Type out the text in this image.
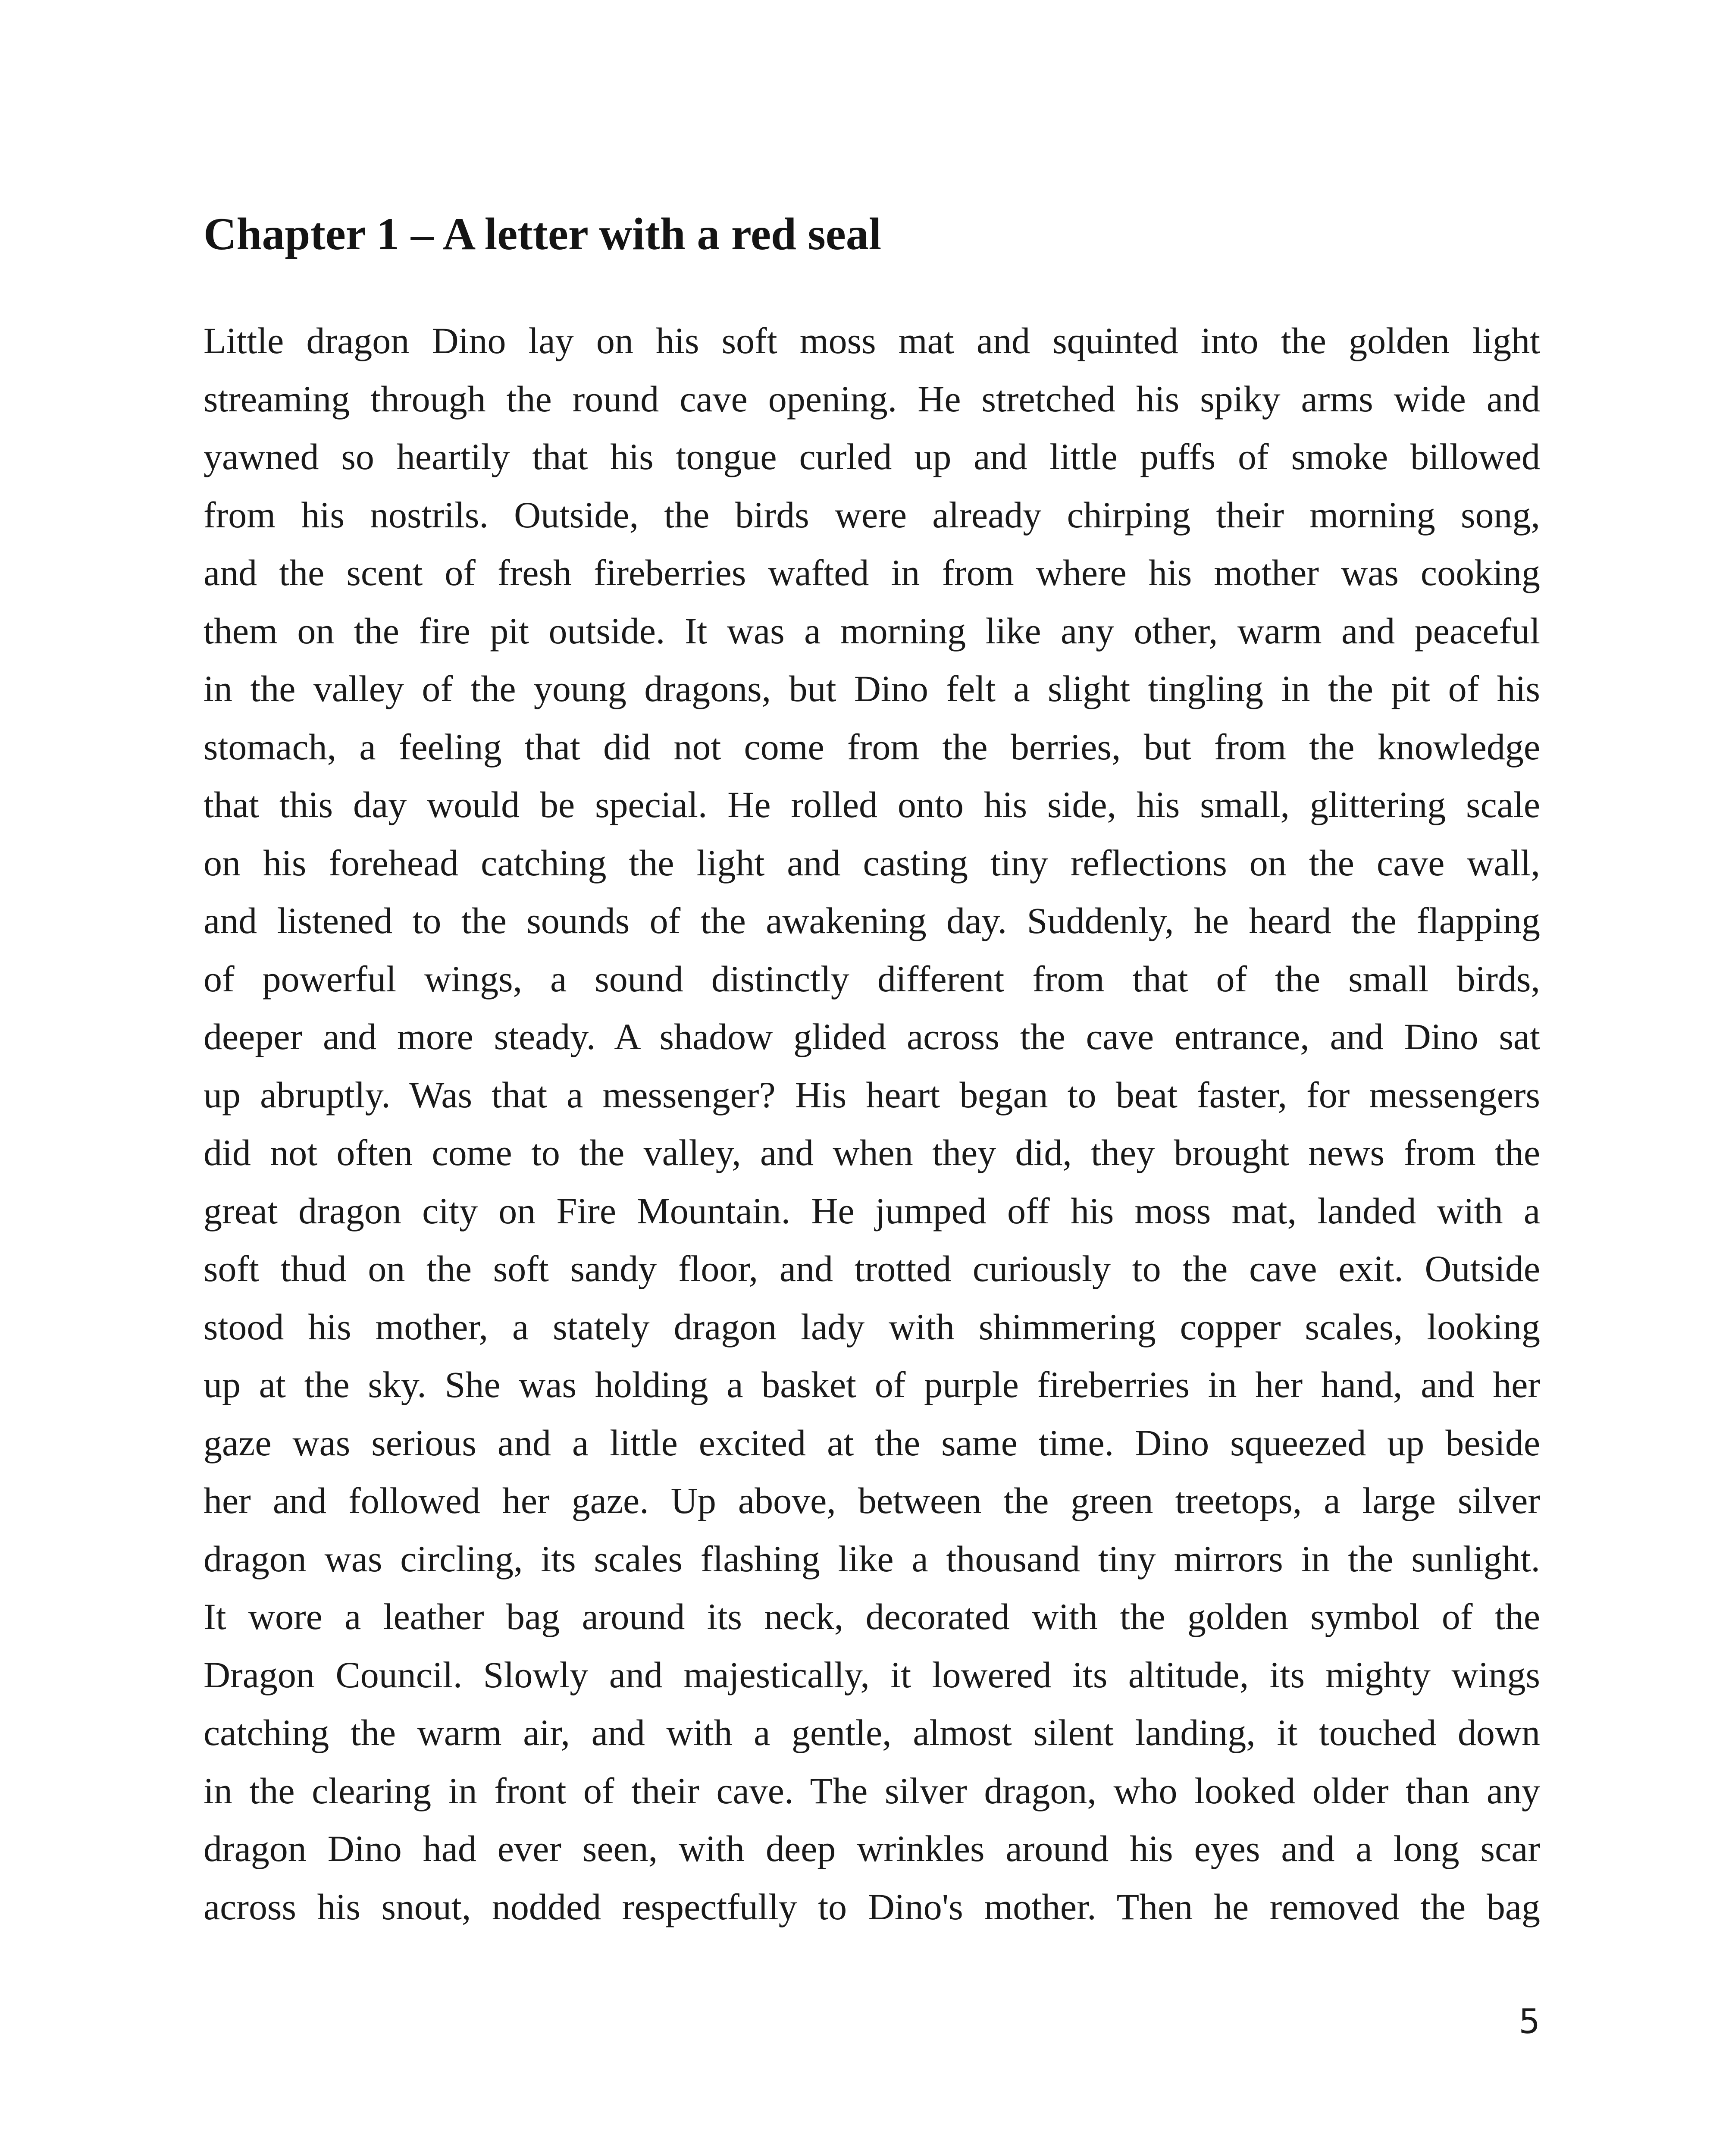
Chapter 1 – A letter with a red seal
Little dragon Dino lay on his soft moss mat and squinted into the golden light
streaming through the round cave opening. He stretched his spiky arms wide and
yawned so heartily that his tongue curled up and little puffs of smoke billowed
from his nostrils. Outside, the birds were already chirping their morning song,
and the scent of fresh fireberries wafted in from where his mother was cooking
them on the fire pit outside. It was a morning like any other, warm and peaceful
in the valley of the young dragons, but Dino felt a slight tingling in the pit of his
stomach, a feeling that did not come from the berries, but from the knowledge
that this day would be special. He rolled onto his side, his small, glittering scale
on his forehead catching the light and casting tiny reflections on the cave wall,
and listened to the sounds of the awakening day. Suddenly, he heard the flapping
of powerful wings, a sound distinctly different from that of the small birds,
deeper and more steady. A shadow glided across the cave entrance, and Dino sat
up abruptly. Was that a messenger? His heart began to beat faster, for messengers
did not often come to the valley, and when they did, they brought news from the
great dragon city on Fire Mountain. He jumped off his moss mat, landed with a
soft thud on the soft sandy floor, and trotted curiously to the cave exit. Outside
stood his mother, a stately dragon lady with shimmering copper scales, looking
up at the sky. She was holding a basket of purple fireberries in her hand, and her
gaze was serious and a little excited at the same time. Dino squeezed up beside
her and followed her gaze. Up above, between the green treetops, a large silver
dragon was circling, its scales flashing like a thousand tiny mirrors in the sunlight.
It wore a leather bag around its neck, decorated with the golden symbol of the
Dragon Council. Slowly and majestically, it lowered its altitude, its mighty wings
catching the warm air, and with a gentle, almost silent landing, it touched down
in the clearing in front of their cave. The silver dragon, who looked older than any
dragon Dino had ever seen, with deep wrinkles around his eyes and a long scar
across his snout, nodded respectfully to Dino's mother. Then he removed the bag
5
